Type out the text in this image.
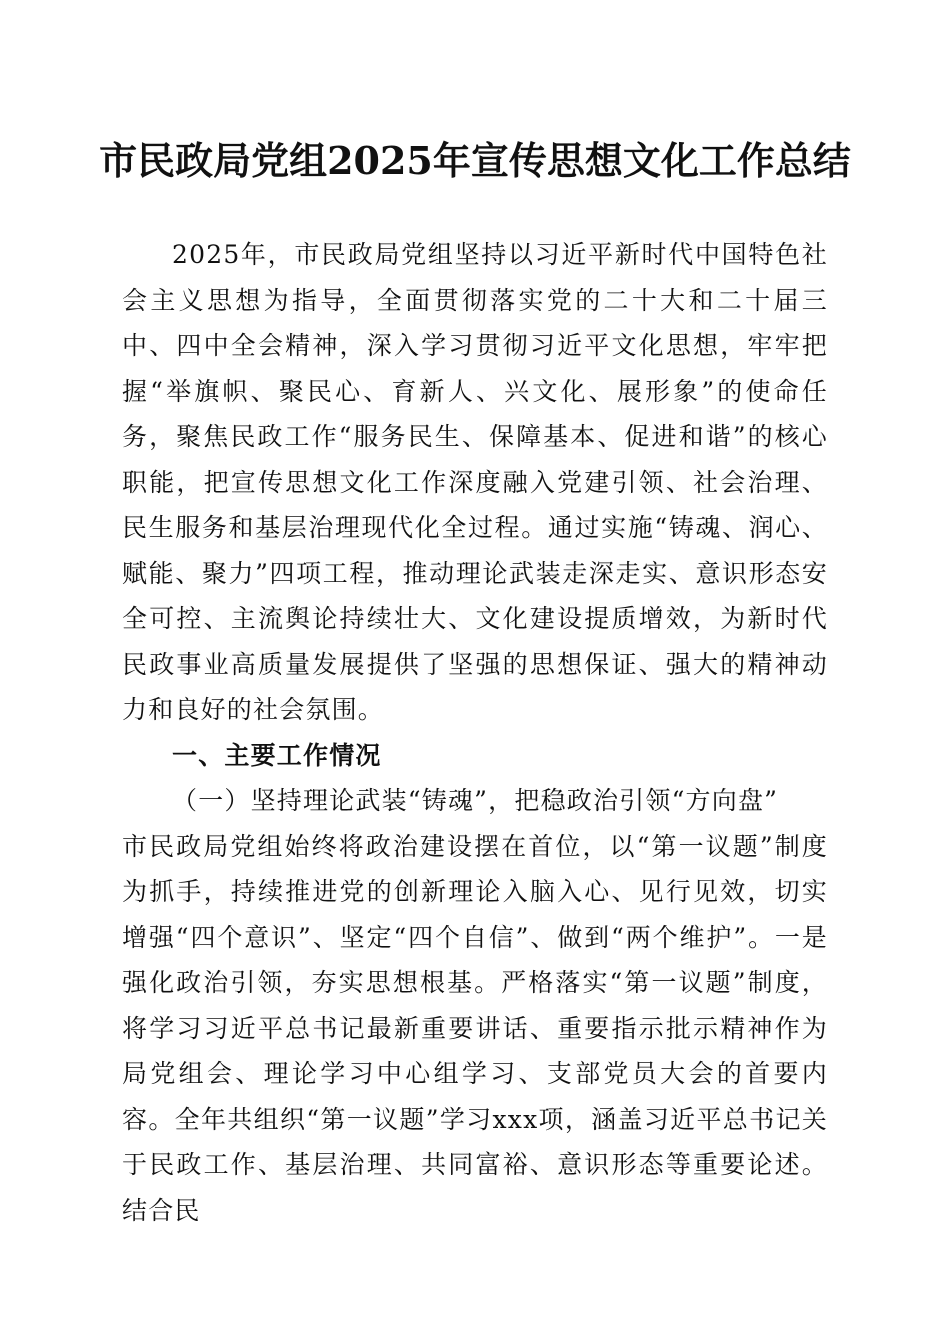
市民政局党组2025年宣传思想文化工作总结

2025年，市民政局党组坚持以习近平新时代中国特色社会主义思想为指导，全面贯彻落实党的二十大和二十届三中、四中全会精神，深入学习贯彻习近平文化思想，牢牢把握“举旗帜、聚民心、育新人、兴文化、展形象”的使命任务，聚焦民政工作“服务民生、保障基本、促进和谐”的核心职能，把宣传思想文化工作深度融入党建引领、社会治理、民生服务和基层治理现代化全过程。通过实施“铸魂、润心、赋能、聚力”四项工程，推动理论武装走深走实、意识形态安全可控、主流舆论持续壮大、文化建设提质增效，为新时代民政事业高质量发展提供了坚强的思想保证、强大的精神动力和良好的社会氛围。

一、主要工作情况

（一）坚持理论武装“铸魂”，把稳政治引领“方向盘”

市民政局党组始终将政治建设摆在首位，以“第一议题”制度为抓手，持续推进党的创新理论入脑入心、见行见效，切实增强“四个意识”、坚定“四个自信”、做到“两个维护”。一是强化政治引领，夯实思想根基。严格落实“第一议题”制度，将学习习近平总书记最新重要讲话、重要指示批示精神作为局党组会、理论学习中心组学习、支部党员大会的首要内容。全年共组织“第一议题”学习xxx项，涵盖习近平总书记关于民政工作、基层治理、共同富裕、意识形态等重要论述。结合民
